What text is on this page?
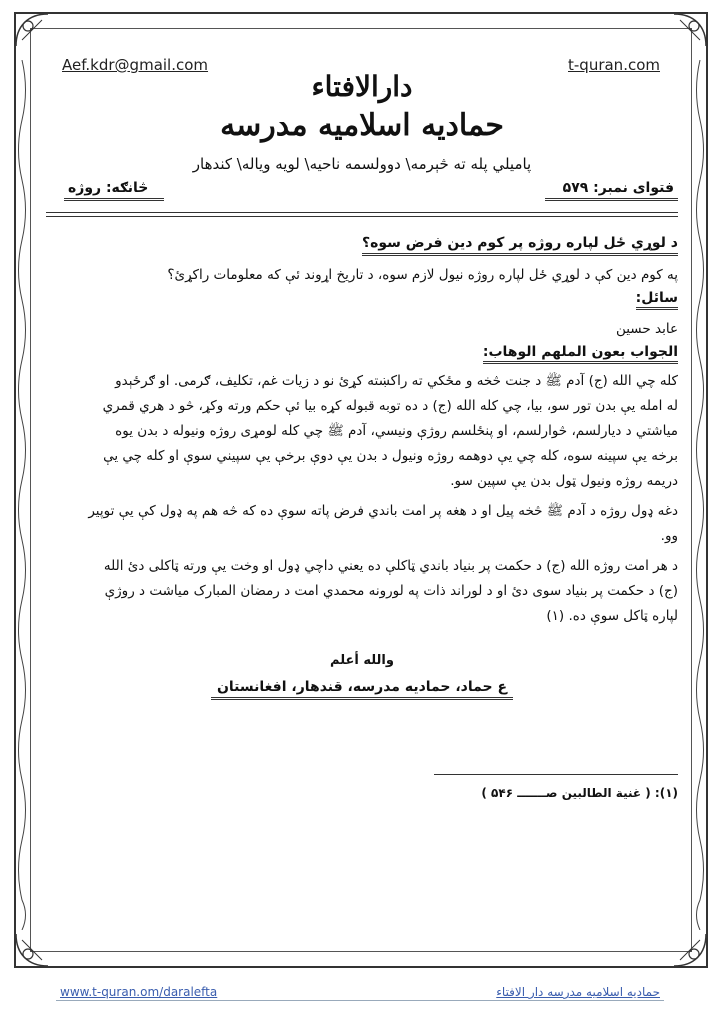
Aef.kdr@gmail.com	t-quran.com
دارالافتاء
حمادیه اسلامیه مدرسه
پامیلي پله ته څېرمه\ دوولسمه ناحیه\ لویه ویاله\ کندهار
فتوای نمبر: ۵۷۹
څانګه: روژه
د لوړي ځل لپاره روژه پر کوم دین فرض سوه؟
په کوم دین کې د لوړي ځل لپاره روژه نیول لازم سوه، د تاریخ اړوند ئې که معلومات راکړئ؟
سائل:
عابد حسین
الجواب بعون الملهم الوهاب:
کله چي الله (ج) آدم ﷺ د جنت څخه و مځکي ته راکښته کړئ نو د زیات غم، تکلیف، ګرمی. او ګرځېدو
له امله یې بدن تور سو، بیا، چي کله الله (ج) د ده توبه قبوله کړه بیا ئې حکم ورته وکړ، څو د هري قمري
میاشتي د دیارلسم، څوارلسم، او پنځلسم روژې ونیسي، آدم ﷺ چي کله لومړی روژه ونیوله د بدن یوه
برخه یې سپینه سوه، کله چي یې دوهمه روژه ونیول د بدن یې دوې برخې یې سپیني سوې او کله چي یې
دریمه روژه ونیول ټول بدن یې سپین سو.
دغه ډول روژه د آدم ﷺ څخه پیل او د هغه پر امت باندي فرض پاته سوې ده که څه هم په ډول کې یې توپیر
وو.
د هر امت روژه الله (ج) د حکمت پر بنیاد باندي ټاکلې ده یعني داچي ډول او وخت یې ورته ټاکلی دئ الله
(ج) د حکمت پر بنیاد سوی دئ او د لوراند ذات په لورونه محمدي امت د رمضان المبارک میاشت د روژې
لپاره ټاکل سوې ده. (۱)
والله أعلم
ع حماد، حمادیه مدرسه، قندهار، افغانستان
(۱): ( غنیة الطالبین صـــــــ ۵۴۶ )
www.t-quran.om/daralefta	حمادیه اسلامیه مدرسه دار الافتاء
